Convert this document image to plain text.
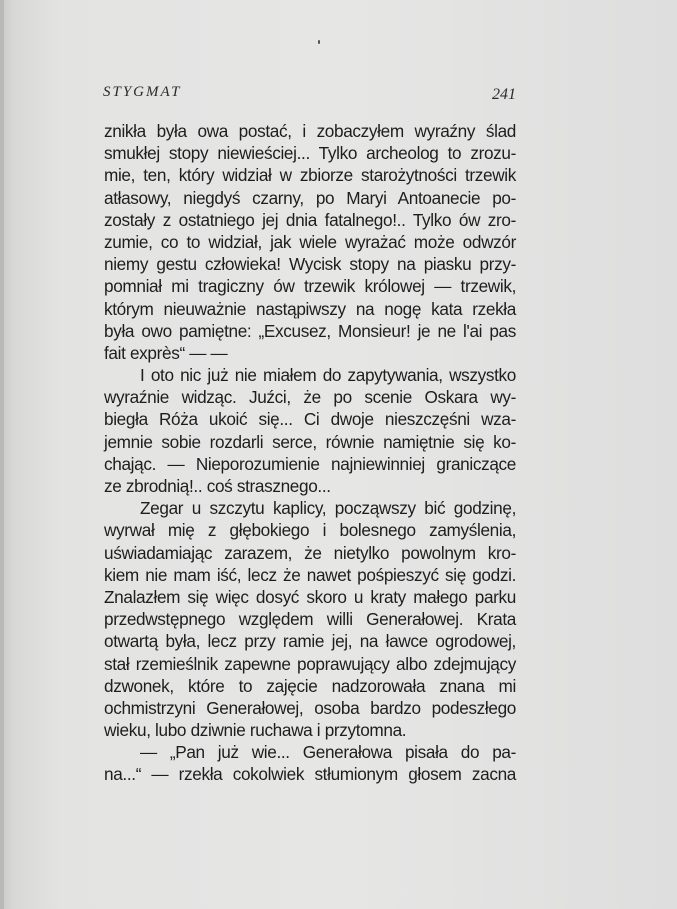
STYGMAT	241
znikła była owa postać, i zobaczyłem wyraźny ślad
smukłej stopy niewieściej... Tylko archeolog to zrozu-
mie, ten, który widział w zbiorze starożytności trzewik
atłasowy, niegdyś czarny, po Maryi Antoanecie po-
zostały z ostatniego jej dnia fatalnego!.. Tylko ów zro-
zumie, co to widział, jak wiele wyrażać może odwzór
niemy gestu człowieka! Wycisk stopy na piasku przy-
pomniał mi tragiczny ów trzewik królowej — trzewik,
którym nieuważnie nastąpiwszy na nogę kata rzekła
była owo pamiętne: „Excusez, Monsieur! je ne l'ai pas
fait exprès“ — —
I oto nic już nie miałem do zapytywania, wszystko
wyraźnie widząc. Juźci, że po scenie Oskara wy-
biegła Róża ukoić się... Ci dwoje nieszczęśni wza-
jemnie sobie rozdarli serce, równie namiętnie się ko-
chając. — Nieporozumienie najniewinniej graniczące
ze zbrodnią!.. coś strasznego...
Zegar u szczytu kaplicy, począwszy bić godzinę,
wyrwał mię z głębokiego i bolesnego zamyślenia,
uświadamiając zarazem, że nietylko powolnym kro-
kiem nie mam iść, lecz że nawet pośpieszyć się godzi.
Znalazłem się więc dosyć skoro u kraty małego parku
przedwstępnego względem willi Generałowej. Krata
otwartą była, lecz przy ramie jej, na ławce ogrodowej,
stał rzemieślnik zapewne poprawujący albo zdejmujący
dzwonek, które to zajęcie nadzorowała znana mi
ochmistrzyni Generałowej, osoba bardzo podeszłego
wieku, lubo dziwnie ruchawa i przytomna.
— „Pan już wie... Generałowa pisała do pa-
na...“ — rzekła cokolwiek stłumionym głosem zacna
